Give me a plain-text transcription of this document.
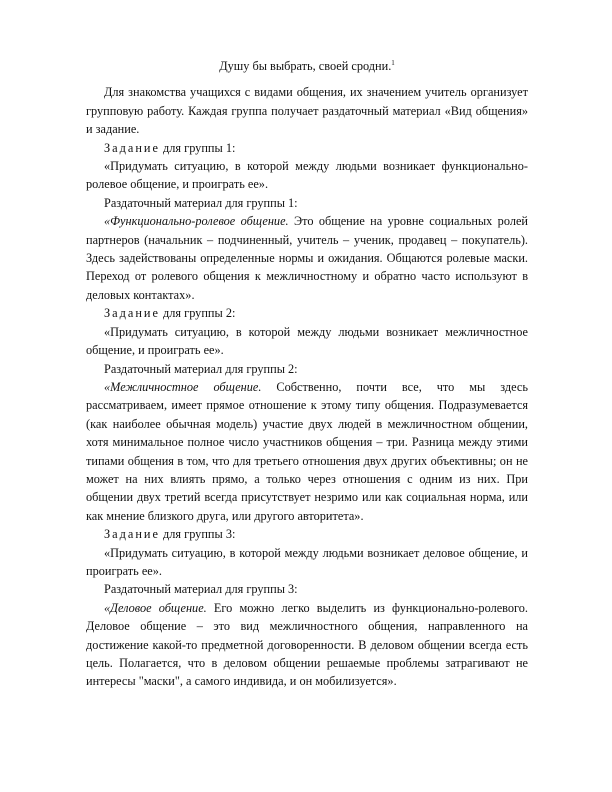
Душу бы выбрать, своей сродни.$^1$

Для знакомства учащихся с видами общения, их значением учитель организует групповую работу. Каждая группа получает раздаточный материал «Вид общения» и задание.

Задание для группы 1:

«Придумать ситуацию, в которой между людьми возникает функционально-ролевое общение, и проиграть ее».

Раздаточный материал для группы 1:

«Функционально-ролевое общение. Это общение на уровне социальных ролей партнеров (начальник – подчиненный, учитель – ученик, продавец – покупатель). Здесь задействованы определенные нормы и ожидания. Общаются ролевые маски. Переход от ролевого общения к межличностному и обратно часто используют в деловых контактах».

Задание для группы 2:

«Придумать ситуацию, в которой между людьми возникает межличностное общение, и проиграть ее».

Раздаточный материал для группы 2:

«Межличностное общение. Собственно, почти все, что мы здесь рассматриваем, имеет прямое отношение к этому типу общения. Подразумевается (как наиболее обычная модель) участие двух людей в межличностном общении, хотя минимальное полное число участников общения – три. Разница между этими типами общения в том, что для третьего отношения двух других объективны; он не может на них влиять прямо, а только через отношения с одним из них. При общении двух третий всегда присутствует незримо или как социальная норма, или как мнение близкого друга, или другого авторитета».

Задание для группы 3:

«Придумать ситуацию, в которой между людьми возникает деловое общение, и проиграть ее».

Раздаточный материал для группы 3:

«Деловое общение. Его можно легко выделить из функционально-ролевого. Деловое общение – это вид межличностного общения, направленного на достижение какой-то предметной договоренности. В деловом общении всегда есть цель. Полагается, что в деловом общении решаемые проблемы затрагивают не интересы "маски", а самого индивида, и он мобилизуется».
